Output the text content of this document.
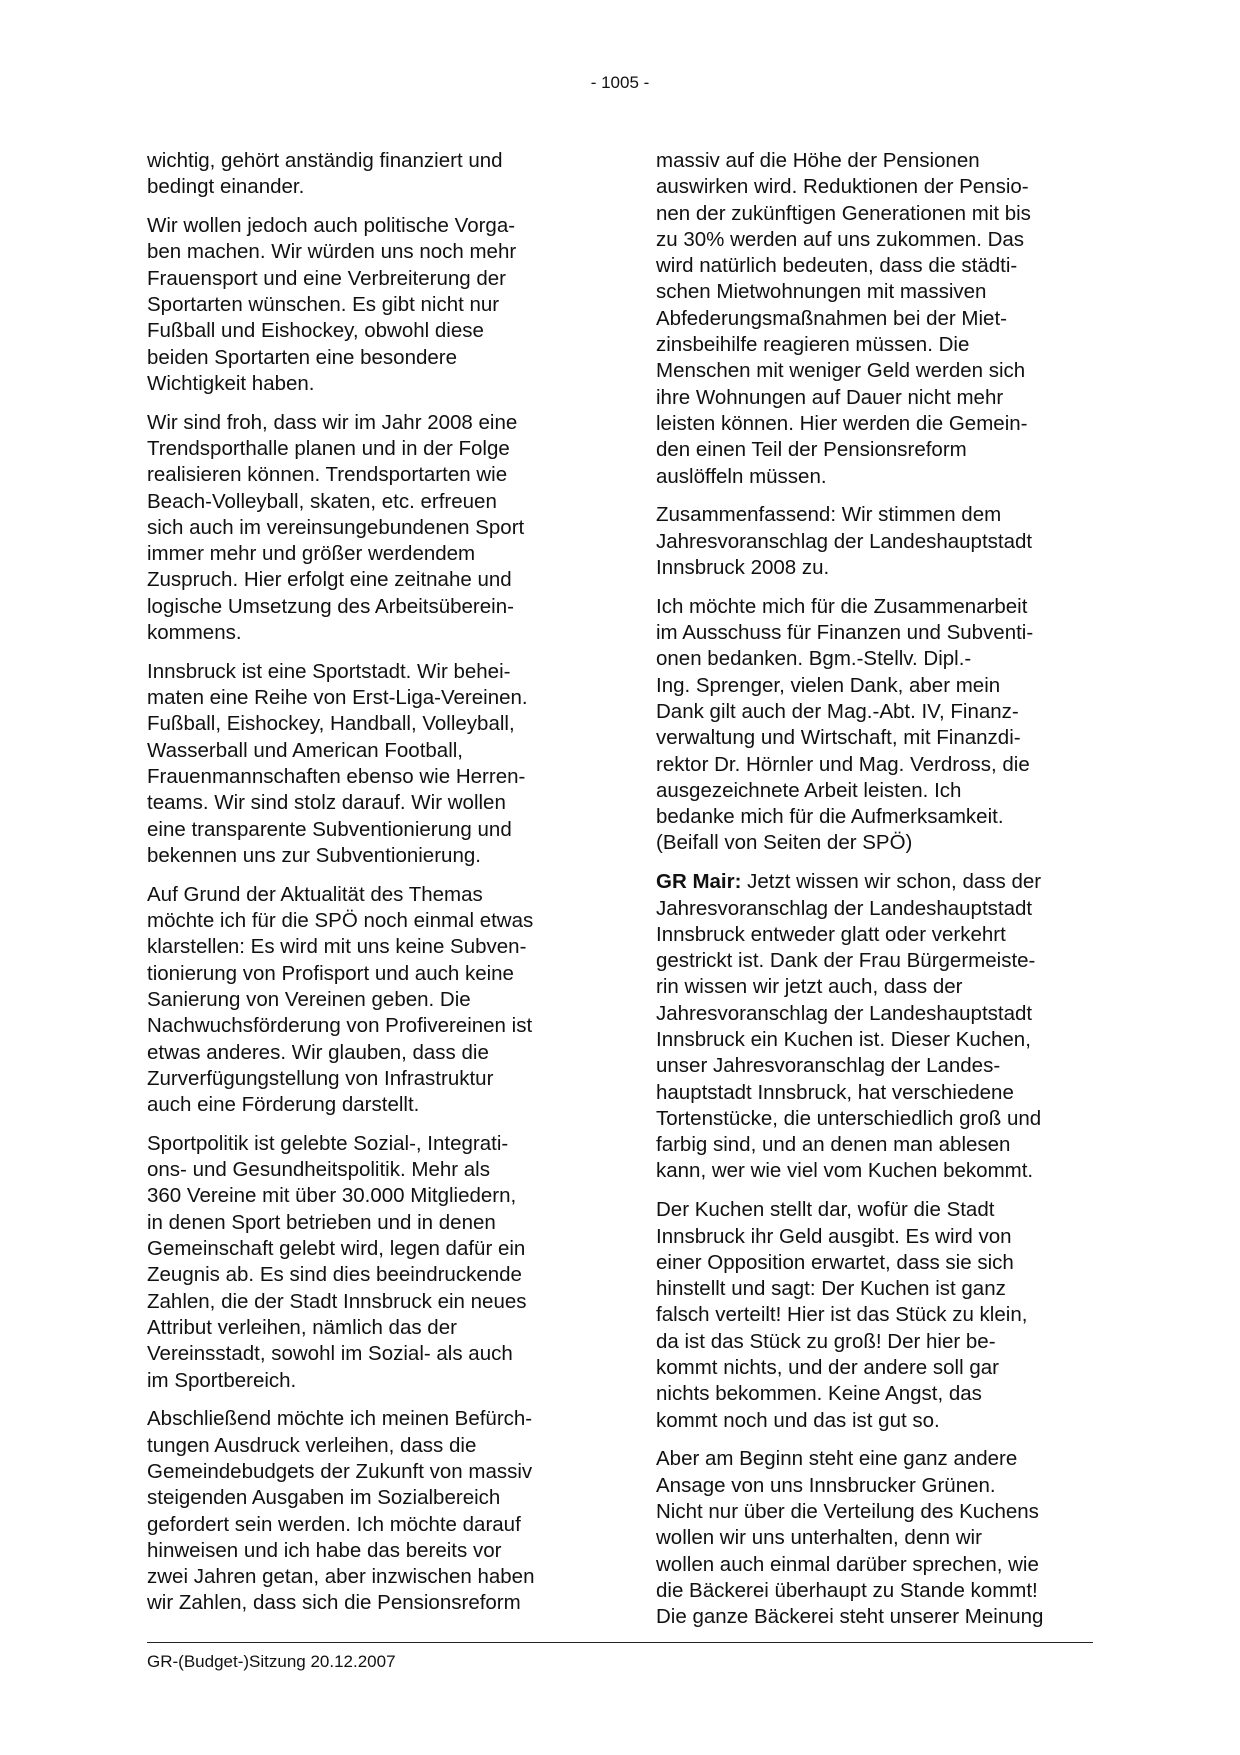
- 1005 -

wichtig, gehört anständig finanziert und
bedingt einander.

Wir wollen jedoch auch politische Vorga-
ben machen. Wir würden uns noch mehr
Frauensport und eine Verbreiterung der
Sportarten wünschen. Es gibt nicht nur
Fußball und Eishockey, obwohl diese
beiden Sportarten eine besondere
Wichtigkeit haben.

Wir sind froh, dass wir im Jahr 2008 eine
Trendsporthalle planen und in der Folge
realisieren können. Trendsportarten wie
Beach-Volleyball, skaten, etc. erfreuen
sich auch im vereinsungebundenen Sport
immer mehr und größer werdendem
Zuspruch. Hier erfolgt eine zeitnahe und
logische Umsetzung des Arbeitsüberein-
kommens.

Innsbruck ist eine Sportstadt. Wir behei-
maten eine Reihe von Erst-Liga-Vereinen.
Fußball, Eishockey, Handball, Volleyball,
Wasserball und American Football,
Frauenmannschaften ebenso wie Herren-
teams. Wir sind stolz darauf. Wir wollen
eine transparente Subventionierung und
bekennen uns zur Subventionierung.

Auf Grund der Aktualität des Themas
möchte ich für die SPÖ noch einmal etwas
klarstellen: Es wird mit uns keine Subven-
tionierung von Profisport und auch keine
Sanierung von Vereinen geben. Die
Nachwuchsförderung von Profivereinen ist
etwas anderes. Wir glauben, dass die
Zurverfügungstellung von Infrastruktur
auch eine Förderung darstellt.

Sportpolitik ist gelebte Sozial-, Integrati-
ons- und Gesundheitspolitik. Mehr als
360 Vereine mit über 30.000 Mitgliedern,
in denen Sport betrieben und in denen
Gemeinschaft gelebt wird, legen dafür ein
Zeugnis ab. Es sind dies beeindruckende
Zahlen, die der Stadt Innsbruck ein neues
Attribut verleihen, nämlich das der
Vereinsstadt, sowohl im Sozial- als auch
im Sportbereich.

Abschließend möchte ich meinen Befürch-
tungen Ausdruck verleihen, dass die
Gemeindebudgets der Zukunft von massiv
steigenden Ausgaben im Sozialbereich
gefordert sein werden. Ich möchte darauf
hinweisen und ich habe das bereits vor
zwei Jahren getan, aber inzwischen haben
wir Zahlen, dass sich die Pensionsreform

massiv auf die Höhe der Pensionen
auswirken wird. Reduktionen der Pensio-
nen der zukünftigen Generationen mit bis
zu 30% werden auf uns zukommen. Das
wird natürlich bedeuten, dass die städti-
schen Mietwohnungen mit massiven
Abfederungsmaßnahmen bei der Miet-
zinsbeihilfe reagieren müssen. Die
Menschen mit weniger Geld werden sich
ihre Wohnungen auf Dauer nicht mehr
leisten können. Hier werden die Gemein-
den einen Teil der Pensionsreform
auslöffeln müssen.

Zusammenfassend: Wir stimmen dem
Jahresvoranschlag der Landeshauptstadt
Innsbruck 2008 zu.

Ich möchte mich für die Zusammenarbeit
im Ausschuss für Finanzen und Subventi-
onen bedanken. Bgm.-Stellv. Dipl.-
Ing. Sprenger, vielen Dank, aber mein
Dank gilt auch der Mag.-Abt. IV, Finanz-
verwaltung und Wirtschaft, mit Finanzdi-
rektor Dr. Hörnler und Mag. Verdross, die
ausgezeichnete Arbeit leisten. Ich
bedanke mich für die Aufmerksamkeit.
(Beifall von Seiten der SPÖ)

GR Mair: Jetzt wissen wir schon, dass der
Jahresvoranschlag der Landeshauptstadt
Innsbruck entweder glatt oder verkehrt
gestrickt ist. Dank der Frau Bürgermeiste-
rin wissen wir jetzt auch, dass der
Jahresvoranschlag der Landeshauptstadt
Innsbruck ein Kuchen ist. Dieser Kuchen,
unser Jahresvoranschlag der Landes-
hauptstadt Innsbruck, hat verschiedene
Tortenstücke, die unterschiedlich groß und
farbig sind, und an denen man ablesen
kann, wer wie viel vom Kuchen bekommt.

Der Kuchen stellt dar, wofür die Stadt
Innsbruck ihr Geld ausgibt. Es wird von
einer Opposition erwartet, dass sie sich
hinstellt und sagt: Der Kuchen ist ganz
falsch verteilt! Hier ist das Stück zu klein,
da ist das Stück zu groß! Der hier be-
kommt nichts, und der andere soll gar
nichts bekommen. Keine Angst, das
kommt noch und das ist gut so.

Aber am Beginn steht eine ganz andere
Ansage von uns Innsbrucker Grünen.
Nicht nur über die Verteilung des Kuchens
wollen wir uns unterhalten, denn wir
wollen auch einmal darüber sprechen, wie
die Bäckerei überhaupt zu Stande kommt!
Die ganze Bäckerei steht unserer Meinung

GR-(Budget-)Sitzung 20.12.2007
